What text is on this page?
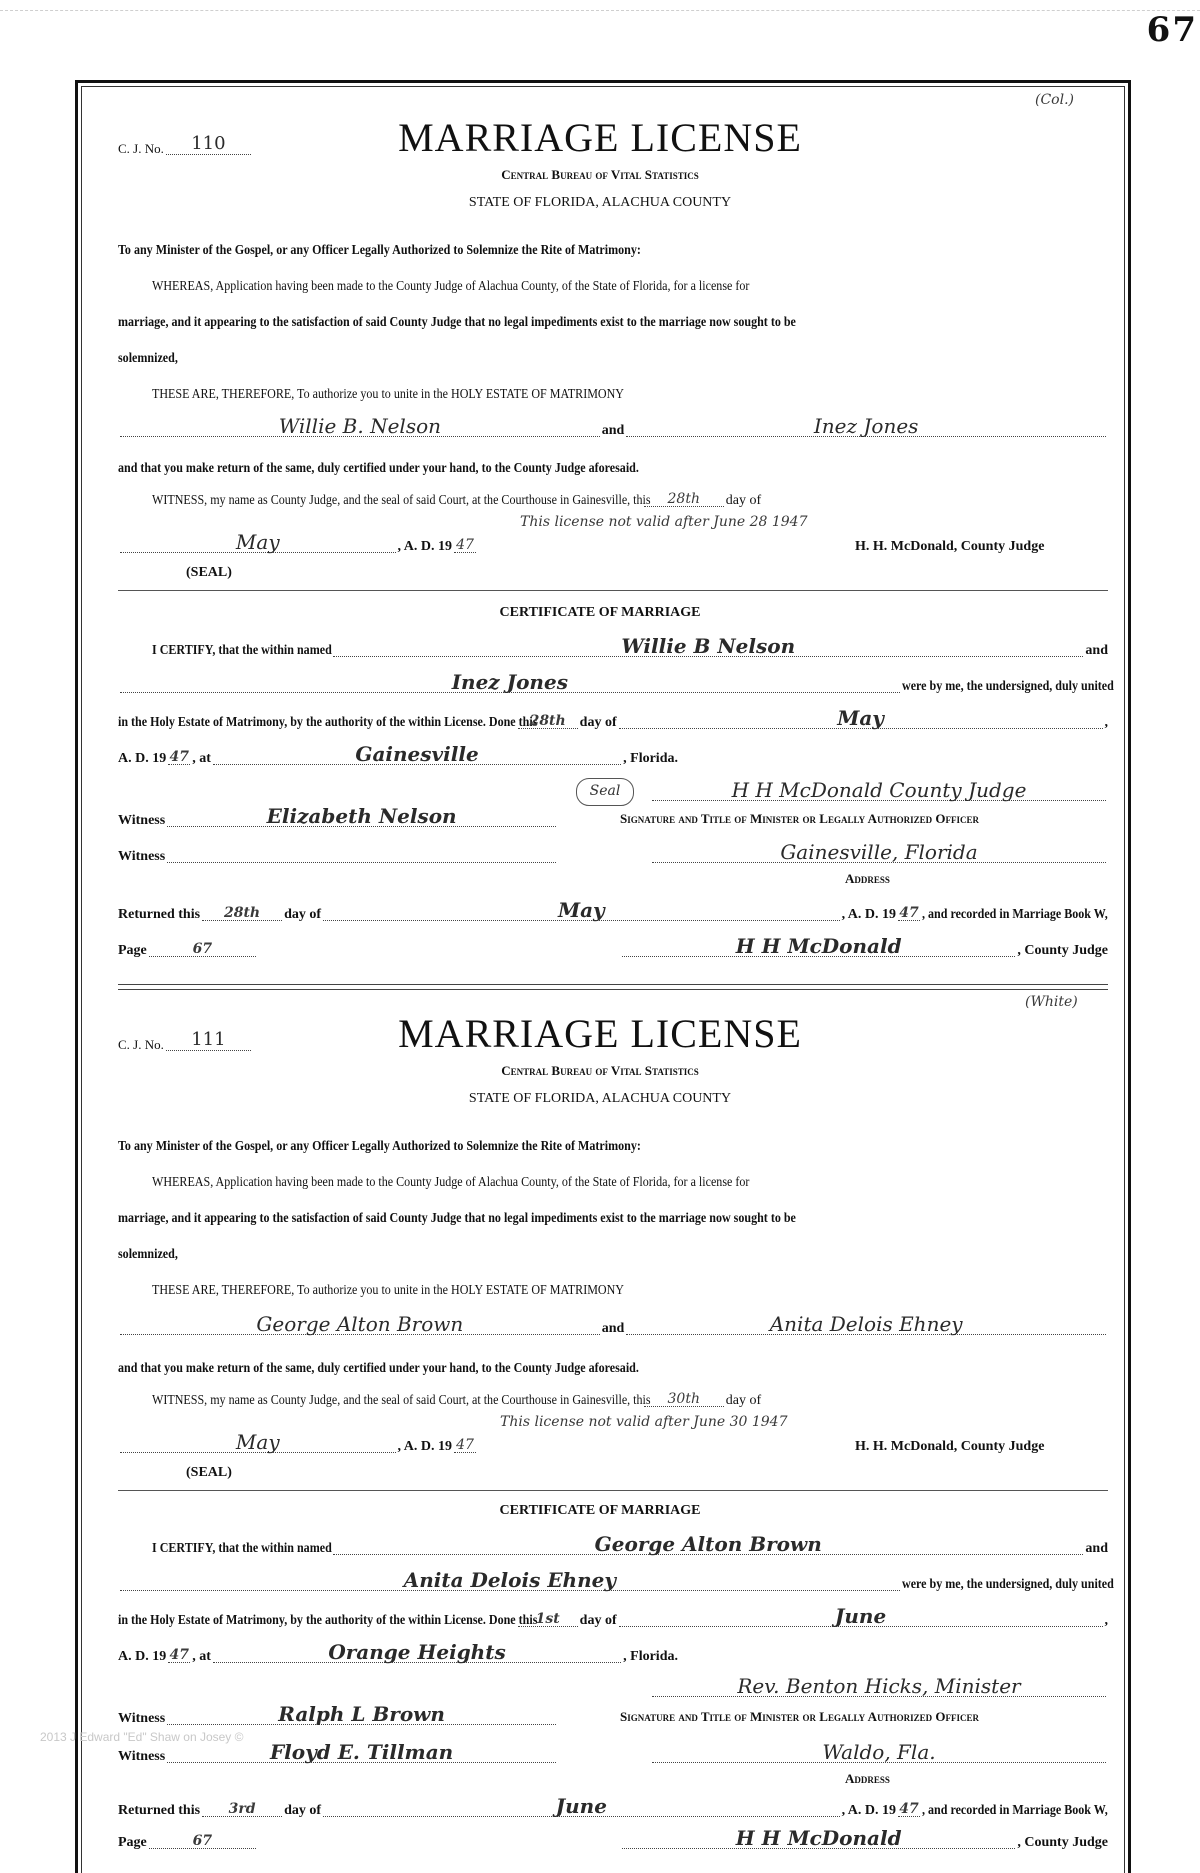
67
(Col.)
C. J. No.	110	MARRIAGE LICENSE
Central Bureau of Vital Statistics
STATE OF FLORIDA, ALACHUA COUNTY
To any Minister of the Gospel, or any Officer Legally Authorized to Solemnize the Rite of Matrimony:
WHEREAS, Application having been made to the County Judge of Alachua County, of the State of Florida, for a license for
marriage, and it appearing to the satisfaction of said County Judge that no legal impediments exist to the marriage now sought to be
solemnized,
THESE ARE, THEREFORE, To authorize you to unite in the HOLY ESTATE OF MATRIMONY
Willie B. Nelson	and	Inez Jones
and that you make return of the same, duly certified under your hand, to the County Judge aforesaid.
WITNESS, my name as County Judge, and the seal of said Court, at the Courthouse in Gainesville, this	28th	day of
This license not valid after June 28 1947
May	, A. D. 19 47	H. H. McDonald, County Judge
(SEAL)
CERTIFICATE OF MARRIAGE
I CERTIFY, that the within named	Willie B Nelson	and
Inez Jones	were by me, the undersigned, duly united
in the Holy Estate of Matrimony, by the authority of the within License. Done this
28th day of	May	,
A. D. 19 47 , at	Gainesville	, Florida.
Seal	H H McDonald County Judge
Witness	Elizabeth Nelson	Signature and Title of Minister or Legally Authorized Officer
Witness	Gainesville, Florida
Address
Returned this	28th	day of	May	, A. D. 19 47 , and recorded in Marriage Book W,
Page	67	H H McDonald	, County Judge
(White)
C. J. No.	111	MARRIAGE LICENSE
Central Bureau of Vital Statistics
STATE OF FLORIDA, ALACHUA COUNTY
To any Minister of the Gospel, or any Officer Legally Authorized to Solemnize the Rite of Matrimony:
WHEREAS, Application having been made to the County Judge of Alachua County, of the State of Florida, for a license for
marriage, and it appearing to the satisfaction of said County Judge that no legal impediments exist to the marriage now sought to be
solemnized,
THESE ARE, THEREFORE, To authorize you to unite in the HOLY ESTATE OF MATRIMONY
George Alton Brown	and	Anita Delois Ehney
and that you make return of the same, duly certified under your hand, to the County Judge aforesaid.
WITNESS, my name as County Judge, and the seal of said Court, at the Courthouse in Gainesville, this	30th	day of
This license not valid after June 30 1947
May	, A. D. 19 47	H. H. McDonald, County Judge
(SEAL)
CERTIFICATE OF MARRIAGE
I CERTIFY, that the within named	George Alton Brown	and
Anita Delois Ehney	were by me, the undersigned, duly united
in the Holy Estate of Matrimony, by the authority of the within License. Done this
1st	day of	June	,
A. D. 19 47 , at	Orange Heights	, Florida.
Rev. Benton Hicks, Minister
Witness	Ralph L Brown	Signature and Title of Minister or Legally Authorized Officer
Witness	Floyd E. Tillman	Waldo, Fla.
Address
Returned this	3rd	day of	June	, A. D. 19 47 , and recorded in Marriage Book W,
Page	67	H H McDonald	, County Judge
2013 J Edward "Ed" Shaw on Josey ©
